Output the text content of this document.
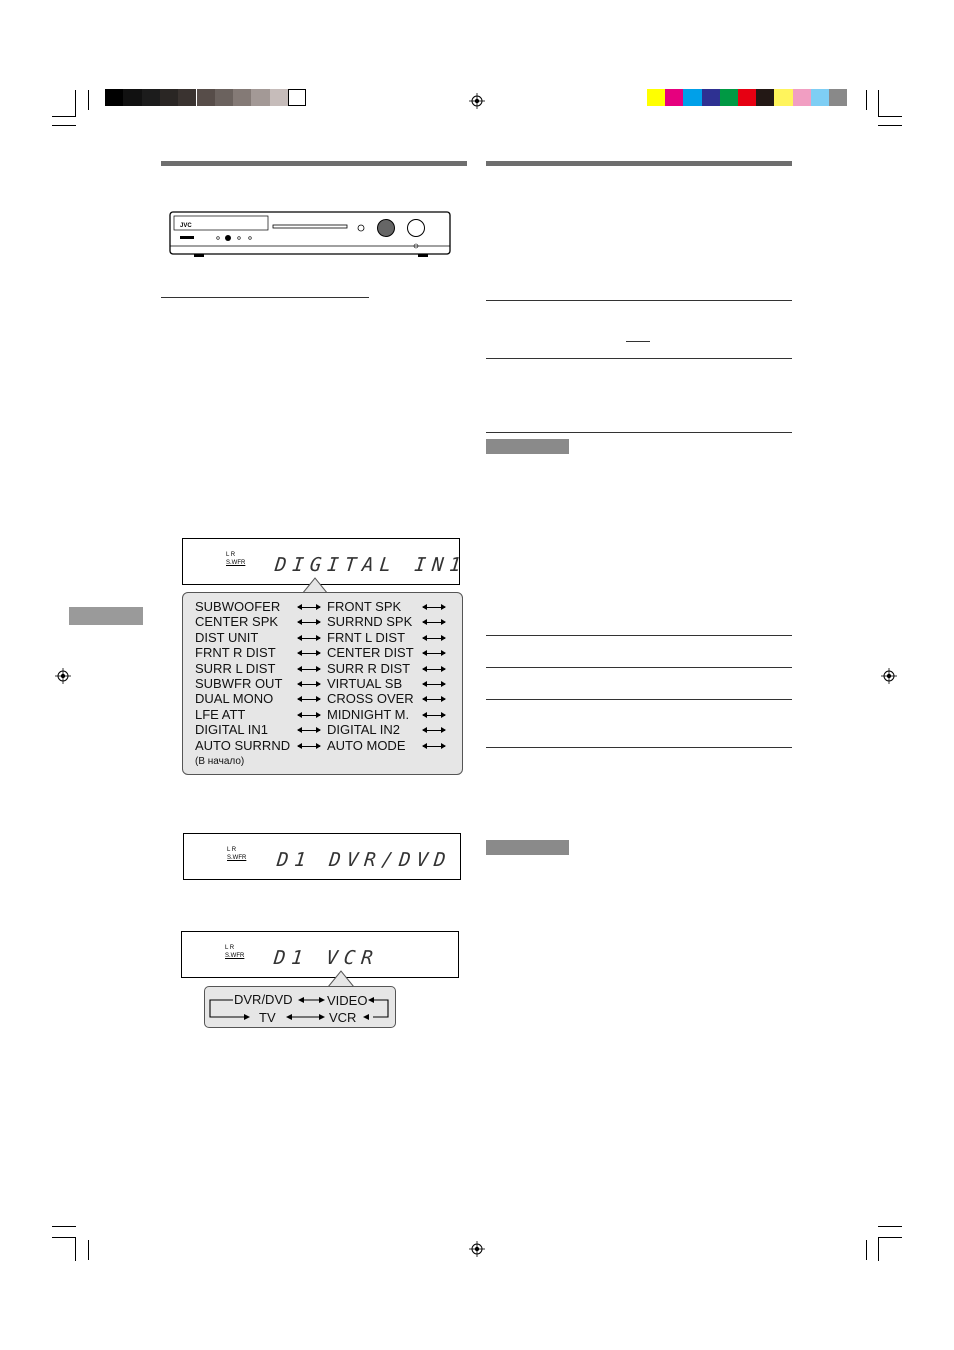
JVC
L R
S.WFR DIGITAL IN1
SUBWOOFER
CENTER SPK
DIST UNIT
FRNT R DIST
SURR L DIST
SUBWFR OUT
DUAL MONO
LFE ATT
DIGITAL IN1
AUTO SURRND
FRONT SPK
SURRND SPK
FRNT L DIST
CENTER DIST
SURR R DIST
VIRTUAL SB
CROSS OVER
MIDNIGHT M.
DIGITAL IN2
AUTO MODE
(В начало)
L R
S.WFR D1 DVR/DVD
L R
S.WFR D1 VCR
DVR/DVD	VIDEO
TV	VCR
